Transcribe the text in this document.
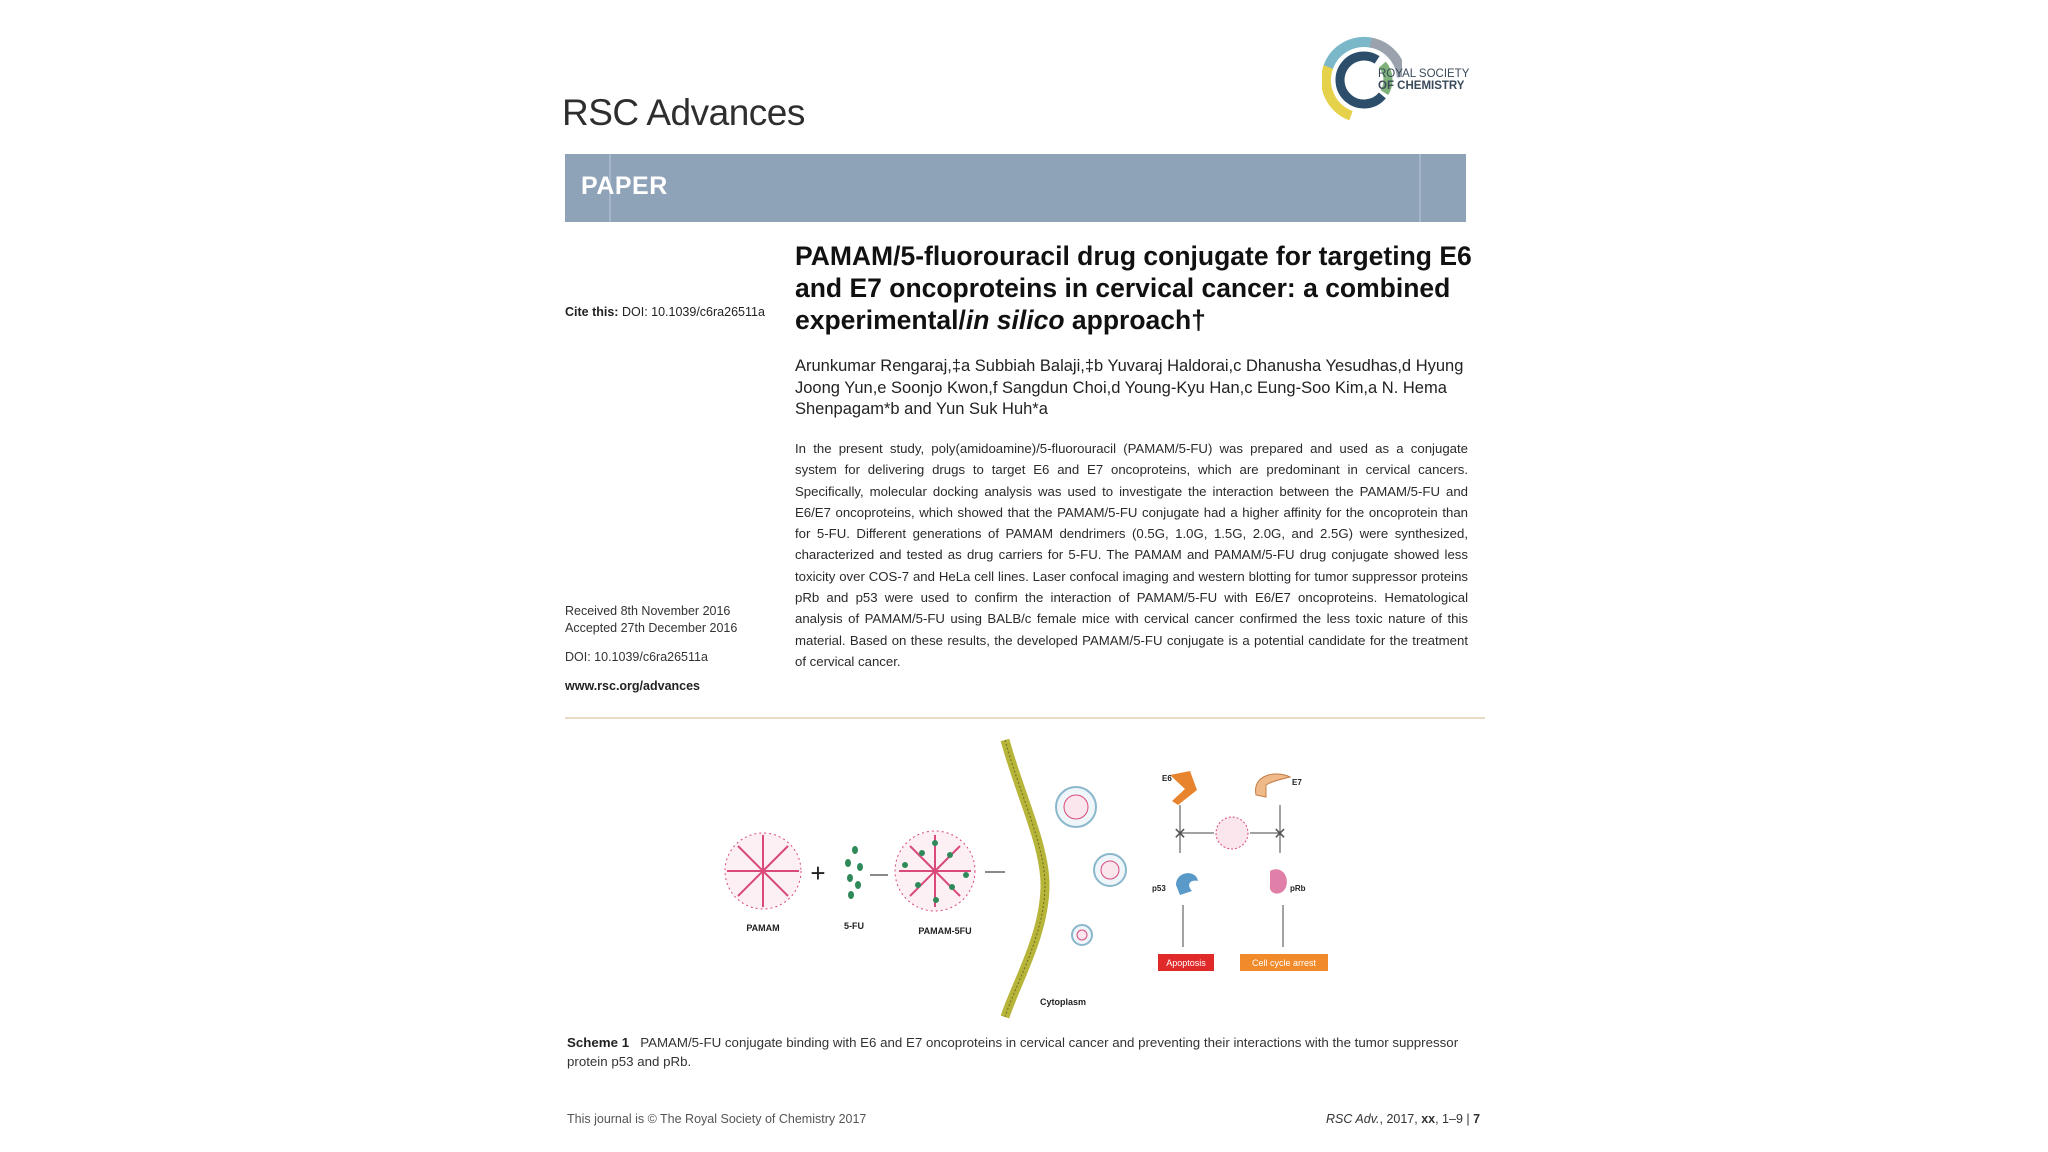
RSC Advances
ROYAL SOCIETY

OF CHEMISTRY
PAPER
PAMAM/5-fluorouracil drug conjugate for targeting E6 and E7 oncoproteins in cervical cancer: a combined experimental/in silico approach†
Cite this: DOI: 10.1039/c6ra26511a
Arunkumar Rengaraj,‡a Subbiah Balaji,‡b Yuvaraj Haldorai,c Dhanusha Yesudhas,d Hyung Joong Yun,e Soonjo Kwon,f Sangdun Choi,d Young-Kyu Han,c Eung-Soo Kim,a N. Hema Shenpagam*b and Yun Suk Huh*a
In the present study, poly(amidoamine)/5-fluorouracil (PAMAM/5-FU) was prepared and used as a conjugate system for delivering drugs to target E6 and E7 oncoproteins, which are predominant in cervical cancers. Specifically, molecular docking analysis was used to investigate the interaction between the PAMAM/5-FU and E6/E7 oncoproteins, which showed that the PAMAM/5-FU conjugate had a higher affinity for the oncoprotein than for 5-FU. Different generations of PAMAM dendrimers (0.5G, 1.0G, 1.5G, 2.0G, and 2.5G) were synthesized, characterized and tested as drug carriers for 5-FU. The PAMAM and PAMAM/5-FU drug conjugate showed less toxicity over COS-7 and HeLa cell lines. Laser confocal imaging and western blotting for tumor suppressor proteins pRb and p53 were used to confirm the interaction of PAMAM/5-FU with E6/E7 oncoproteins. Hematological analysis of PAMAM/5-FU using BALB/c female mice with cervical cancer confirmed the less toxic nature of this material. Based on these results, the developed PAMAM/5-FU conjugate is a potential candidate for the treatment of cervical cancer.
Received 8th November 2016
Accepted 27th December 2016
DOI: 10.1039/c6ra26511a
www.rsc.org/advances
PAMAM
+
5-FU	PAMAM-5FU
Cytoplasm
E6	E7
✕	✕
p53	pRb
Apoptosis	Cell cycle arrest
Scheme 1 PAMAM/5-FU conjugate binding with E6 and E7 oncoproteins in cervical cancer and preventing their interactions with the tumor suppressor protein p53 and pRb.
This journal is © The Royal Society of Chemistry 2017	RSC Adv., 2017, xx, 1–9 | 7
